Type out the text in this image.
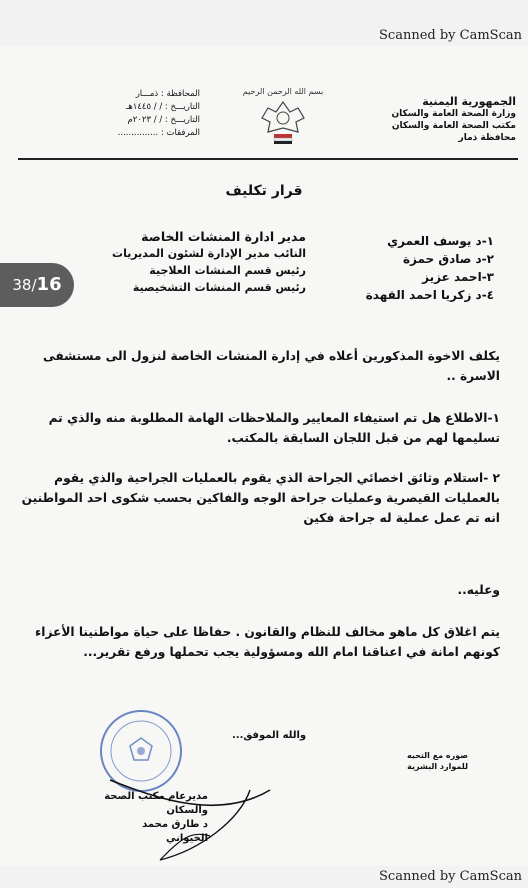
Scanned by CamScan
الجمهورية اليمنية
وزارة الصحة العامة والسكان
مكتب الصحة العامة والسكان
محافظة ذمار
بسم الله الرحمن الرحيم
المحافظة : ذمـــار
التاريـــخ : / / ١٤٤٥هـ
التاريـــخ : / / ٢٠٢٣م
المرفقات : ...............
قرار تكليف
١-د يوسف العمري
٢-د صادق حمزة
٣-احمد عزيز
٤-د زكريا احمد القهدة
مدير ادارة المنشات الخاصة
النائب مدير الإدارة لشئون المديريات
رئيس قسم المنشات العلاجية
رئيس قسم المنشات التشخيصية
38/16
يكلف الاخوة المذكورين أعلاه في إدارة المنشات الخاصة لنزول الى مستشفى الاسرة ..
١-الاطلاع هل تم استيفاء المعايير والملاحظات الهامة المطلوبة منه والذي تم تسليمها لهم من قبل اللجان السابقة بالمكتب.
٢ -استلام وثائق اخصائي الجراحة الذي يقوم بالعمليات الجراحية والذي يقوم بالعمليات القيصرية وعمليات جراحة الوجه والفاكين بحسب شكوى احد المواطنين انه تم عمل عملية له جراحة فكين
وعليه..
يتم اغلاق كل ماهو مخالف للنظام والقانون . حفاظا على حياة مواطنينا الأعزاء كونهم امانة في اعناقنا امام الله ومسؤولية يجب تحملها ورفع تقرير...
والله الموفق...
صوره مع التحيه
للموارد البشرية
مديرعام مكتب الصحة والسكان
د طارق محمد الخيواني
Scanned by CamScan
